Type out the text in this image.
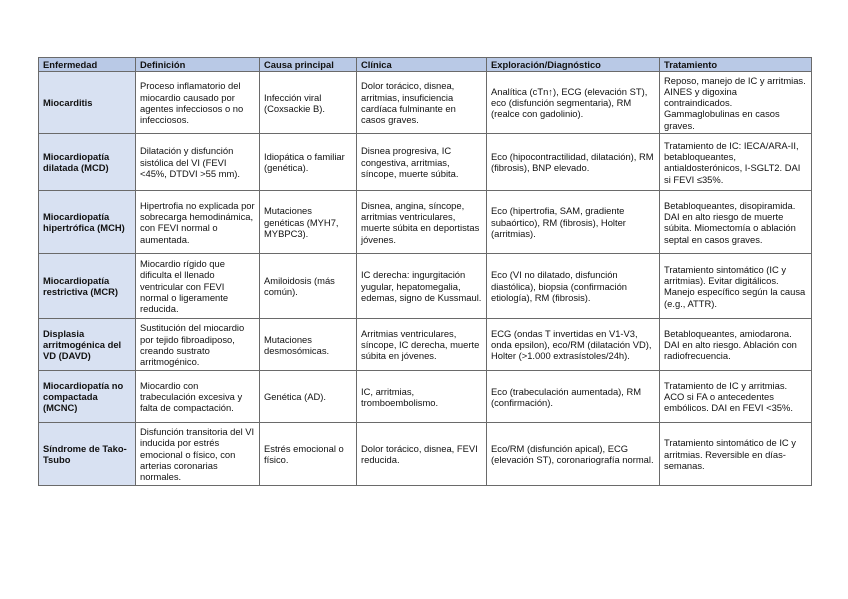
Enfermedad	Definición	Causa principal	Clínica	Exploración/Diagnóstico	Tratamiento
Miocarditis	Proceso inflamatorio del miocardio causado por agentes infecciosos o no infecciosos.	Infección viral (Coxsackie B).	Dolor torácico, disnea, arritmias, insuficiencia cardíaca fulminante en casos graves.	Analítica (cTn↑), ECG (elevación ST), eco (disfunción segmentaria), RM (realce con gadolinio).	Reposo, manejo de IC y arritmias. AINES y digoxina contraindicados. Gammaglobulinas en casos graves.
Miocardiopatía dilatada (MCD)	Dilatación y disfunción sistólica del VI (FEVI <45%, DTDVI >55 mm).	Idiopática o familiar (genética).	Disnea progresiva, IC congestiva, arritmias, síncope, muerte súbita.	Eco (hipocontractilidad, dilatación), RM (fibrosis), BNP elevado.	Tratamiento de IC: IECA/ARA-II, betabloqueantes, antialdosterónicos, I-SGLT2. DAI si FEVI ≤35%.
Miocardiopatía hipertrófica (MCH)	Hipertrofia no explicada por sobrecarga hemodinámica, con FEVI normal o aumentada.	Mutaciones genéticas (MYH7, MYBPC3).	Disnea, angina, síncope, arritmias ventriculares, muerte súbita en deportistas jóvenes.	Eco (hipertrofia, SAM, gradiente subaórtico), RM (fibrosis), Holter (arritmias).	Betabloqueantes, disopiramida. DAI en alto riesgo de muerte súbita. Miomectomía o ablación septal en casos graves.
Miocardiopatía restrictiva (MCR)	Miocardio rígido que dificulta el llenado ventricular con FEVI normal o ligeramente reducida.	Amiloidosis (más común).	IC derecha: ingurgitación yugular, hepatomegalia, edemas, signo de Kussmaul.	Eco (VI no dilatado, disfunción diastólica), biopsia (confirmación etiología), RM (fibrosis).	Tratamiento sintomático (IC y arritmias). Evitar digitálicos. Manejo específico según la causa (e.g., ATTR).
Displasia arritmogénica del VD (DAVD)	Sustitución del miocardio por tejido fibroadiposo, creando sustrato arritmogénico.	Mutaciones desmosómicas.	Arritmias ventriculares, síncope, IC derecha, muerte súbita en jóvenes.	ECG (ondas T invertidas en V1-V3, onda epsilon), eco/RM (dilatación VD), Holter (>1.000 extrasístoles/24h).	Betabloqueantes, amiodarona. DAI en alto riesgo. Ablación con radiofrecuencia.
Miocardiopatía no compactada (MCNC)	Miocardio con trabeculación excesiva y falta de compactación.	Genética (AD).	IC, arritmias, tromboembolismo.	Eco (trabeculación aumentada), RM (confirmación).	Tratamiento de IC y arritmias. ACO si FA o antecedentes embólicos. DAI en FEVI <35%.
Síndrome de Tako-Tsubo	Disfunción transitoria del VI inducida por estrés emocional o físico, con arterias coronarias normales.	Estrés emocional o físico.	Dolor torácico, disnea, FEVI reducida.	Eco/RM (disfunción apical), ECG (elevación ST), coronariografía normal.	Tratamiento sintomático de IC y arritmias. Reversible en días-semanas.
